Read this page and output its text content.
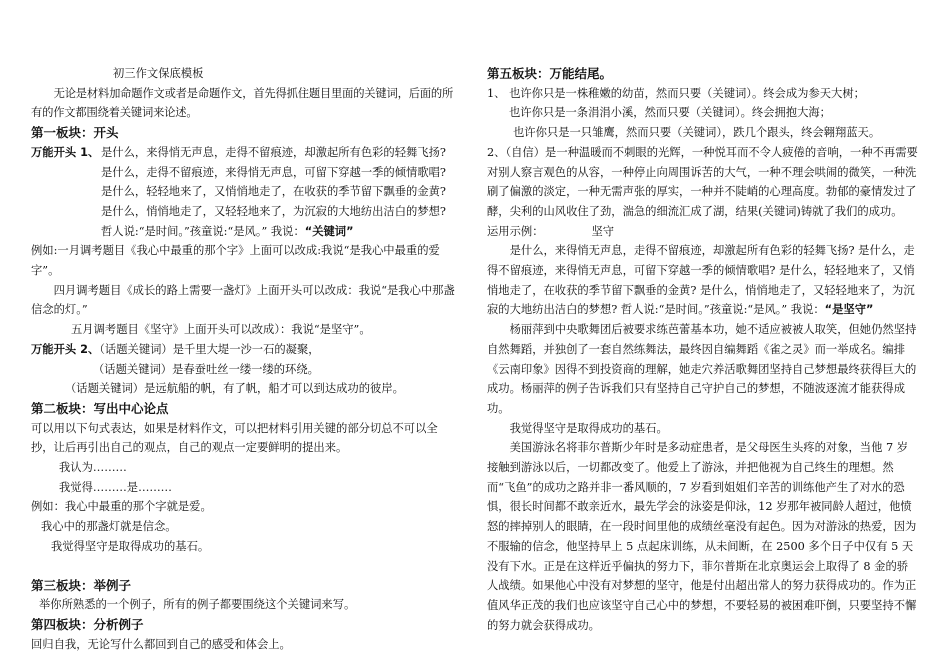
初三作文保底模板

无论是材料加命题作文或者是命题作文，首先得抓住题目里面的关键词，后面的所有的作文都围绕着关键词来论述。

第一板块：开头

万能开头 1、 是什么，来得悄无声息，走得不留痕迹，却激起所有色彩的轻舞飞扬?

是什么，走得不留痕迹，来得悄无声息，可留下穿越一季的倾情歌唱?

是什么，轻轻地来了，又悄悄地走了，在收获的季节留下飘垂的金黄?

是什么，悄悄地走了，又轻轻地来了，为沉寂的大地纺出洁白的梦想?

哲人说:“是时间。”孩童说:“是风。” 我说：“关键词”

例如:一月调考题目《我心中最重的那个字》上面可以改成:我说“是我心中最重的爱字”。

四月调考题目《成长的路上需要一盏灯》上面开头可以改成：我说“是我心中那盏信念的灯。”

五月调考题目《坚守》上面开头可以改成）：我说“是坚守”。

万能开头 2、（话题关键词）是千里大堤一沙一石的凝聚，

（话题关键词）是春蚕吐丝一缕一缕的环绕。

（话题关键词）是远航船的帆，有了帆，船才可以到达成功的彼岸。

第二板块：写出中心论点

可以用以下句式表达，如果是材料作文，可以把材料引用关键的部分切总不可以全抄，让后再引出自己的观点，自己的观点一定要鲜明的提出来。

我认为………

我觉得………是………

例如：我心中最重的那个字就是爱。

我心中的那盏灯就是信念。

我觉得坚守是取得成功的基石。

第三板块：举例子

举你所熟悉的一个例子，所有的例子都要围绕这个关键词来写。

第四板块：分析例子

回归自我，无论写什么都回到自己的感受和体会上。

第五板块：万能结尾。

1、 也许你只是一株稚嫩的幼苗，然而只要（关键词）。终会成为参天大树；

也许你只是一条涓涓小溪，然而只要（关键词）。终会拥抱大海；

也许你只是一只雏鹰，然而只要（关键词），跌几个跟头，终会翱翔蓝天。

2、（自信）是一种温暖而不刺眼的光辉，一种悦耳而不令人疲倦的音响，一种不再需要对别人察言观色的从容，一种停止向周围诉苦的大气，一种不理会哄闹的微笑，一种洗刷了偏激的淡定，一种无需声张的厚实，一种并不陡峭的心理高度。勃郁的豪情发过了酵，尖利的山风收住了劲，湍急的细流汇成了湖，结果(关键词)铸就了我们的成功。

运用示例：	坚守

是什么，来得悄无声息，走得不留痕迹，却激起所有色彩的轻舞飞扬? 是什么，走得不留痕迹，来得悄无声息，可留下穿越一季的倾情歌唱? 是什么，轻轻地来了，又悄悄地走了，在收获的季节留下飘垂的金黄? 是什么，悄悄地走了，又轻轻地来了，为沉寂的大地纺出洁白的梦想? 哲人说:“是时间。”孩童说:“是风。” 我说：“是坚守”

杨丽萍到中央歌舞团后被要求练芭蕾基本功，她不适应被被人取笑，但她仍然坚持自然舞蹈，并独创了一套自然练舞法，最终因自编舞蹈《雀之灵》而一举成名。编排《云南印象》因得不到投资商的理解，她走穴养活歌舞团坚持自己梦想最终获得巨大的成功。杨丽萍的例子告诉我们只有坚持自己守护自己的梦想，不随波逐流才能获得成功。

我觉得坚守是取得成功的基石。

美国游泳名将菲尔普斯少年时是多动症患者，是父母医生头疼的对象，当他 7 岁接触到游泳以后，一切都改变了。他爱上了游泳，并把他视为自己终生的理想。然而“飞鱼”的成功之路并非一番风顺的，7 岁看到姐姐们辛苦的训练他产生了对水的恐惧，很长时间都不敢亲近水，最先学会的泳姿是仰泳，12 岁那年被同龄人超过，他愤怒的摔掉别人的眼睛，在一段时间里他的成绩丝毫没有起色。因为对游泳的热爱，因为不服输的信念，他坚持早上 5 点起床训练，从未间断，在 2500 多个日子中仅有 5 天没有下水。正是在这样近乎偏执的努力下，菲尔普斯在北京奥运会上取得了 8 金的骄人战绩。如果他心中没有对梦想的坚守，他是付出超出常人的努力获得成功的。作为正值风华正茂的我们也应该坚守自己心中的梦想，不要轻易的被困难吓倒，只要坚持不懈的努力就会获得成功。
